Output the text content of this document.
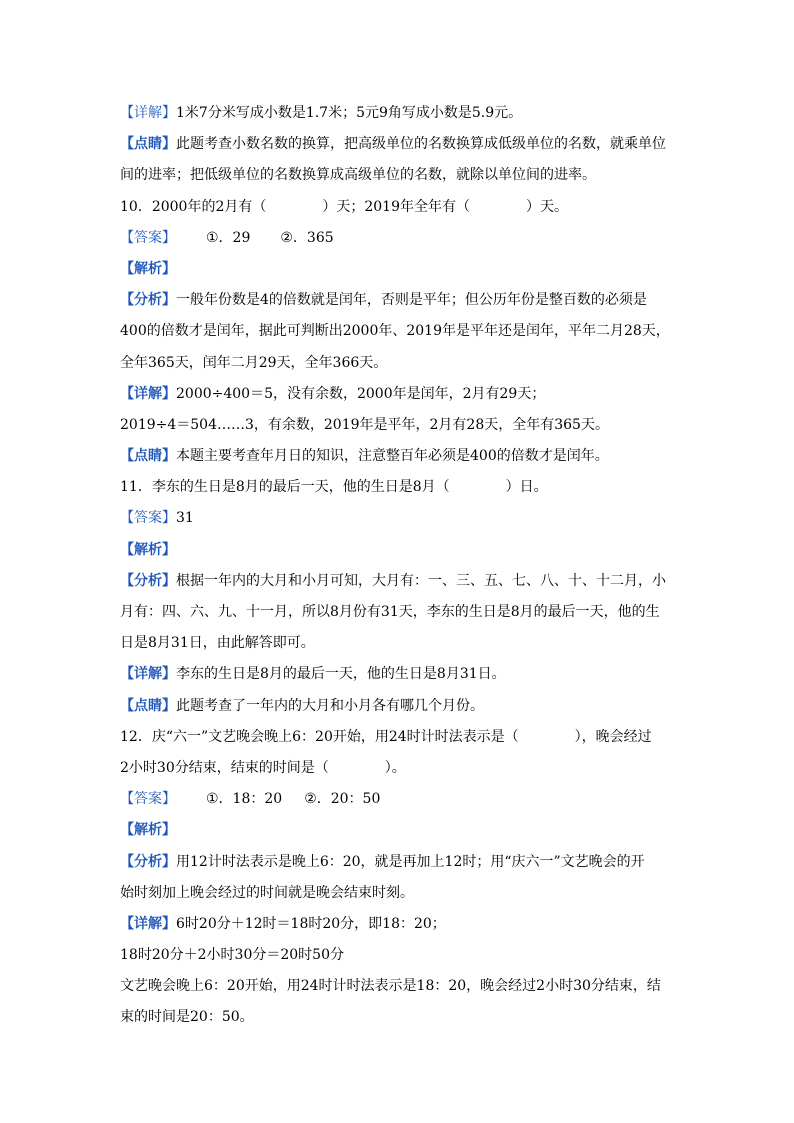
【详解】1米7分米写成小数是1.7米；5元9角写成小数是5.9元。
【点睛】此题考查小数名数的换算，把高级单位的名数换算成低级单位的名数，就乘单位
间的进率；把低级单位的名数换算成高级单位的名数，就除以单位间的进率。
10．2000年的2月有（　　　　）天；2019年全年有（　　　　）天。
【答案】 ①．29 ②．365
【解析】
【分析】一般年份数是4的倍数就是闰年，否则是平年；但公历年份是整百数的必须是
400的倍数才是闰年，据此可判断出2000年、2019年是平年还是闰年，平年二月28天，
全年365天，闰年二月29天，全年366天。
【详解】2000÷400＝5，没有余数，2000年是闰年，2月有29天；
2019÷4＝504……3，有余数，2019年是平年，2月有28天，全年有365天。
【点睛】本题主要考查年月日的知识，注意整百年必须是400的倍数才是闰年。
11．李东的生日是8月的最后一天，他的生日是8月（　　　　）日。
【答案】31
【解析】
【分析】根据一年内的大月和小月可知，大月有：一、三、五、七、八、十、十二月，小
月有：四、六、九、十一月，所以8月份有31天，李东的生日是8月的最后一天，他的生
日是8月31日，由此解答即可。
【详解】李东的生日是8月的最后一天，他的生日是8月31日。
【点睛】此题考查了一年内的大月和小月各有哪几个月份。
12．庆“六一”文艺晚会晚上6：20开始，用24时计时法表示是（　　　　），晚会经过
2小时30分结束，结束的时间是（　　　　）。
【答案】 ①．18：20 ②．20：50
【解析】
【分析】用12计时法表示是晚上6：20，就是再加上12时；用“庆六一”文艺晚会的开
始时刻加上晚会经过的时间就是晚会结束时刻。
【详解】6时20分＋12时＝18时20分，即18：20；
18时20分＋2小时30分＝20时50分
文艺晚会晚上6：20开始，用24时计时法表示是18：20，晚会经过2小时30分结束，结
束的时间是20：50。
